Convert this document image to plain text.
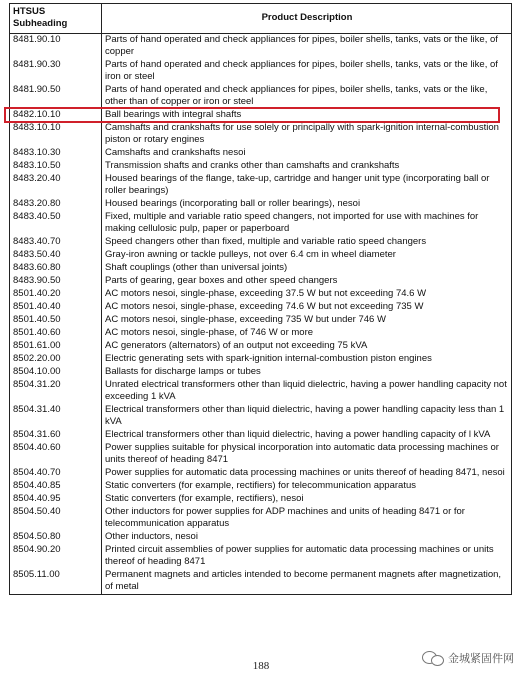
HTSUS
Subheading	Product Description
8481.90.10	Parts of hand operated and check appliances for pipes, boiler shells, tanks, vats or the like, of copper
8481.90.30	Parts of hand operated and check appliances for pipes, boiler shells, tanks, vats or the like, of iron or steel
8481.90.50	Parts of hand operated and check appliances for pipes, boiler shells, tanks, vats or the like, other than of copper or iron or steel
8482.10.10	Ball bearings with integral shafts
8483.10.10	Camshafts and crankshafts for use solely or principally with spark-ignition internal-combustion piston or rotary engines
8483.10.30	Camshafts and crankshafts nesoi
8483.10.50	Transmission shafts and cranks other than camshafts and crankshafts
8483.20.40	Housed bearings of the flange, take-up, cartridge and hanger unit type (incorporating ball or roller bearings)
8483.20.80	Housed bearings (incorporating ball or roller bearings), nesoi
8483.40.50	Fixed, multiple and variable ratio speed changers, not imported for use with machines for making cellulosic pulp, paper or paperboard
8483.40.70	Speed changers other than fixed, multiple and variable ratio speed changers
8483.50.40	Gray-iron awning or tackle pulleys, not over 6.4 cm in wheel diameter
8483.60.80	Shaft couplings (other than universal joints)
8483.90.50	Parts of gearing, gear boxes and other speed changers
8501.40.20	AC motors nesoi, single-phase, exceeding 37.5 W but not exceeding 74.6 W
8501.40.40	AC motors nesoi, single-phase, exceeding 74.6 W but not exceeding 735 W
8501.40.50	AC motors nesoi, single-phase, exceeding 735 W but under 746 W
8501.40.60	AC motors nesoi, single-phase, of 746 W or more
8501.61.00	AC generators (alternators) of an output not exceeding 75 kVA
8502.20.00	Electric generating sets with spark-ignition internal-combustion piston engines
8504.10.00	Ballasts for discharge lamps or tubes
8504.31.20	Unrated electrical transformers other than liquid dielectric, having a power handling capacity not exceeding 1 kVA
8504.31.40	Electrical transformers other than liquid dielectric, having a power handling capacity less than 1 kVA
8504.31.60	Electrical transformers other than liquid dielectric, having a power handling capacity of l kVA
8504.40.60	Power supplies suitable for physical incorporation into automatic data processing machines or units thereof of heading 8471
8504.40.70	Power supplies for automatic data processing machines or units thereof of heading 8471, nesoi
8504.40.85	Static converters (for example, rectifiers) for telecommunication apparatus
8504.40.95	Static converters (for example, rectifiers), nesoi
8504.50.40	Other inductors for power supplies for ADP machines and units of heading 8471 or for telecommunication apparatus
8504.50.80	Other inductors, nesoi
8504.90.20	Printed circuit assemblies of power supplies for automatic data processing machines or units thereof of heading 8471
8505.11.00	Permanent magnets and articles intended to become permanent magnets after magnetization, of metal
188
金城紧固件网
